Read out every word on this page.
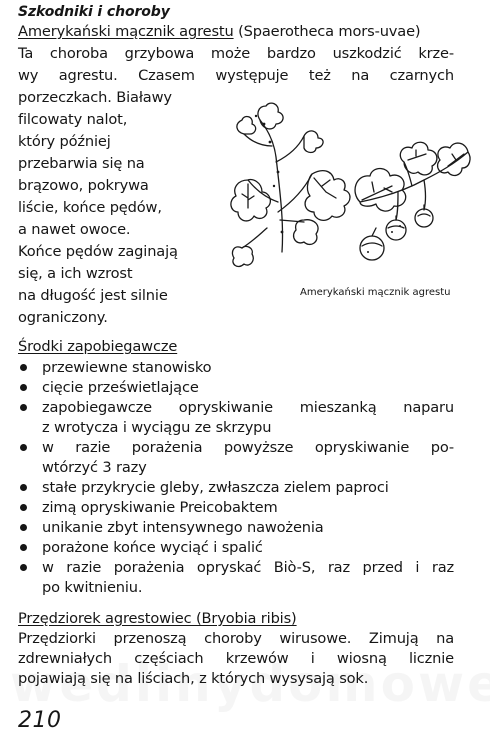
Szkodniki i choroby
Amerykański mącznik agrestu (Spaerotheca mors-uvae)
Ta choroba grzybowa może bardzo uszkodzić krze-
wy agrestu. Czasem występuje też na czarnych
porzeczkach. Białawy
filcowaty nalot,
który później
przebarwia się na
brązowo, pokrywa
liście, końce pędów,
a nawet owoce.
Końce pędów zaginają
się, a ich wzrost
na długość jest silnie
ograniczony.
Amerykański mącznik agrestu
Środki zapobiegawcze
przewiewne stanowisko
cięcie prześwietlające
zapobiegawcze opryskiwanie mieszanką naparu
z wrotycza i wyciągu ze skrzypu
w razie porażenia powyższe opryskiwanie po-
wtórzyć 3 razy
stałe przykrycie gleby, zwłaszcza zielem paproci
zimą opryskiwanie Preicobaktem
unikanie zbyt intensywnego nawożenia
porażone końce wyciąć i spalić
w razie porażenia opryskać Biò-S, raz przed i raz
po kwitnieniu.
Przędziorek agrestowiec (Bryobia ribis)
Przędziorki przenoszą choroby wirusowe. Zimują na
zdrewniałych częściach krzewów i wiosną licznie
pojawiają się na liściach, z których wysysają sok.
210
